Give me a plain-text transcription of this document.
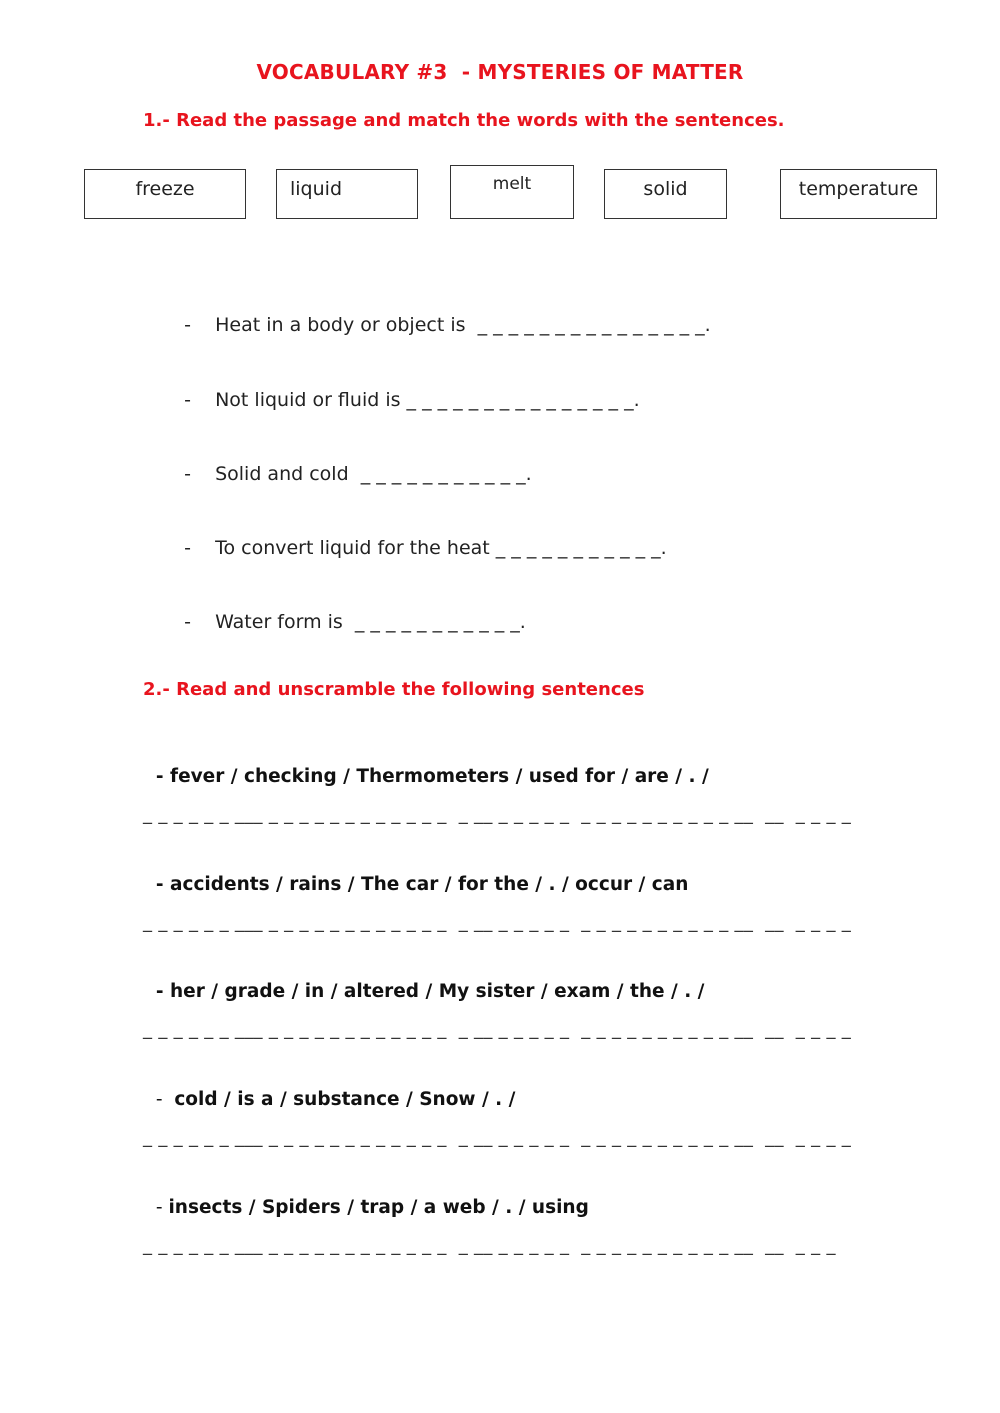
VOCABULARY #3  - MYSTERIES OF MATTER
1.- Read the passage and match the words with the sentences.
freeze	liquid	melt	solid	temperature

- Heat in a body or object is  _ _ _ _ _ _ _ _ _ _ _ _ _ _ _.

- Not liquid or fluid is _ _ _ _ _ _ _ _ _ _ _ _ _ _ _.

- Solid and cold  _ _ _ _ _ _ _ _ _ _ _.

- To convert liquid for the heat _ _ _ _ _ _ _ _ _ _ _.

- Water form is  _ _ _ _ _ _ _ _ _ _ _.

2.- Read and unscramble the following sentences

- fever / checking / Thermometers / used for / are / . /

_ _ _ _ _ _ ___ _ _ _ _ _ _ _ _ _ _ _ _  _ __ _ _ _ _ _  _ _ _ _ _ _ _ _ _ _ __  __  _ _ _ _

- accidents / rains / The car / for the / . / occur / can

_ _ _ _ _ _ ___ _ _ _ _ _ _ _ _ _ _ _ _  _ __ _ _ _ _ _  _ _ _ _ _ _ _ _ _ _ __  __  _ _ _ _

- her / grade / in / altered / My sister / exam / the / . /

_ _ _ _ _ _ ___ _ _ _ _ _ _ _ _ _ _ _ _  _ __ _ _ _ _ _  _ _ _ _ _ _ _ _ _ _ __  __  _ _ _ _

-  cold / is a / substance / Snow / . /

_ _ _ _ _ _ ___ _ _ _ _ _ _ _ _ _ _ _ _  _ __ _ _ _ _ _  _ _ _ _ _ _ _ _ _ _ __  __  _ _ _ _

- insects / Spiders / trap / a web / . / using

_ _ _ _ _ _ ___ _ _ _ _ _ _ _ _ _ _ _ _  _ __ _ _ _ _ _  _ _ _ _ _ _ _ _ _ _ __  __  _ _ _
